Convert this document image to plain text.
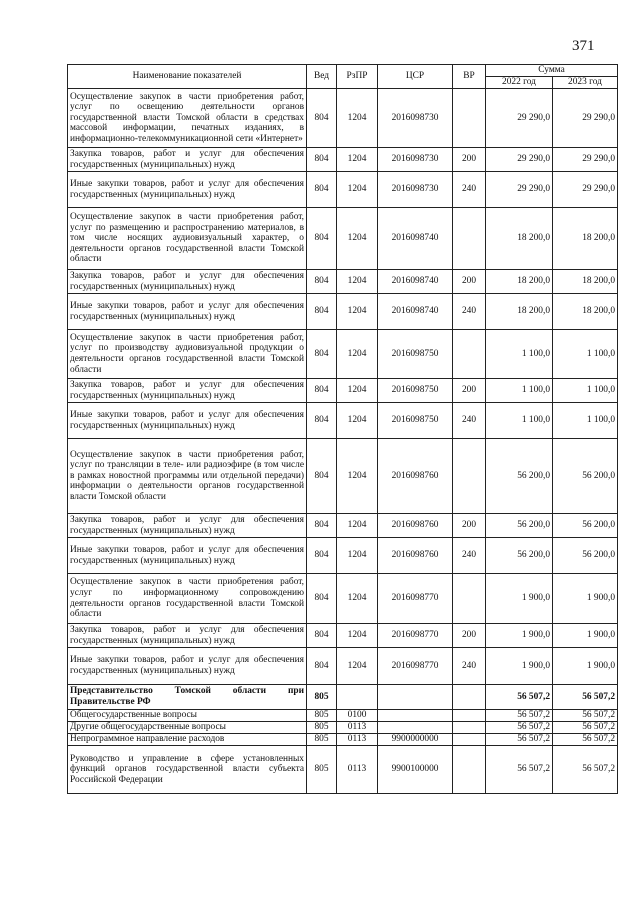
371
Наименование показателей	Вед	РзПР	ЦСР	ВР	Сумма	
					2022 год	2023 год
Осуществление закупок в части приобретения работ, услуг по освещению деятельности органов государственной власти Томской области в средствах массовой информации, печатных изданиях, в информационно-телекоммуникационной сети «Интернет»	804	1204	2016098730		29 290,0	29 290,0
Закупка товаров, работ и услуг для обеспечения государственных (муниципальных) нужд	804	1204	2016098730	200	29 290,0	29 290,0
Иные закупки товаров, работ и услуг для обеспечения государственных (муниципальных) нужд	804	1204	2016098730	240	29 290,0	29 290,0
Осуществление закупок в части приобретения работ, услуг по размещению и распространению материалов, в том числе носящих аудиовизуальный характер, о деятельности органов государственной власти Томской области	804	1204	2016098740		18 200,0	18 200,0
Закупка товаров, работ и услуг для обеспечения государственных (муниципальных) нужд	804	1204	2016098740	200	18 200,0	18 200,0
Иные закупки товаров, работ и услуг для обеспечения государственных (муниципальных) нужд	804	1204	2016098740	240	18 200,0	18 200,0
Осуществление закупок в части приобретения работ, услуг по производству аудиовизуальной продукции о деятельности органов государственной власти Томской области	804	1204	2016098750		1 100,0	1 100,0
Закупка товаров, работ и услуг для обеспечения государственных (муниципальных) нужд	804	1204	2016098750	200	1 100,0	1 100,0
Иные закупки товаров, работ и услуг для обеспечения государственных (муниципальных) нужд	804	1204	2016098750	240	1 100,0	1 100,0
Осуществление закупок в части приобретения работ, услуг по трансляции в теле- или радиоэфире (в том числе в рамках новостной программы или отдельной передачи) информации о деятельности органов государственной власти Томской области	804	1204	2016098760		56 200,0	56 200,0
Закупка товаров, работ и услуг для обеспечения государственных (муниципальных) нужд	804	1204	2016098760	200	56 200,0	56 200,0
Иные закупки товаров, работ и услуг для обеспечения государственных (муниципальных) нужд	804	1204	2016098760	240	56 200,0	56 200,0
Осуществление закупок в части приобретения работ, услуг по информационному сопровождению деятельности органов государственной власти Томской области	804	1204	2016098770		1 900,0	1 900,0
Закупка товаров, работ и услуг для обеспечения государственных (муниципальных) нужд	804	1204	2016098770	200	1 900,0	1 900,0
Иные закупки товаров, работ и услуг для обеспечения государственных (муниципальных) нужд	804	1204	2016098770	240	1 900,0	1 900,0
Представительство Томской области при Правительстве РФ	805				56 507,2	56 507,2
Общегосударственные вопросы	805	0100			56 507,2	56 507,2
Другие общегосударственные вопросы	805	0113			56 507,2	56 507,2
Непрограммное направление расходов	805	0113	9900000000		56 507,2	56 507,2
Руководство и управление в сфере установленных функций органов государственной власти субъекта Российской Федерации	805	0113	9900100000		56 507,2	56 507,2
